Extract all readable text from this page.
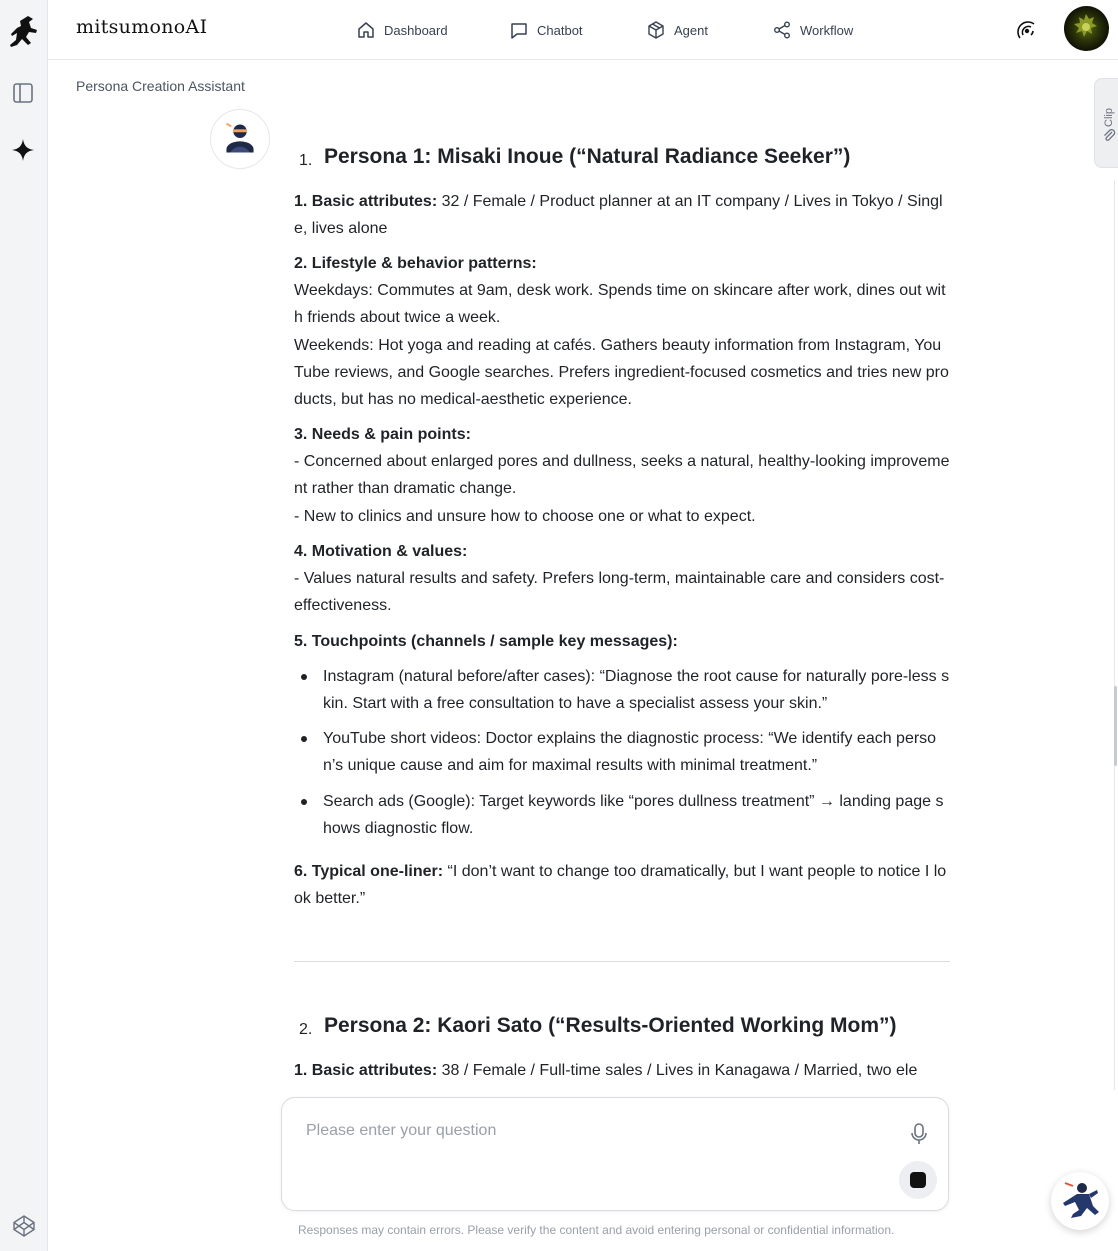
mitsumonoAI	Dashboard	Chatbot	Agent	Workflow
Persona Creation Assistant
Clip
1. Persona 1: Misaki Inoue (“Natural Radiance Seeker”)
1. Basic attributes: 32 / Female / Product planner at an IT company / Lives in Tokyo / Single, lives alone
2. Lifestyle & behavior patterns:
Weekdays: Commutes at 9am, desk work. Spends time on skincare after work, dines out with friends about twice a week.
Weekends: Hot yoga and reading at cafés. Gathers beauty information from Instagram, YouTube reviews, and Google searches. Prefers ingredient-focused cosmetics and tries new products, but has no medical-aesthetic experience.
3. Needs & pain points:
- Concerned about enlarged pores and dullness, seeks a natural, healthy-looking improvement rather than dramatic change.
- New to clinics and unsure how to choose one or what to expect.
4. Motivation & values:
- Values natural results and safety. Prefers long-term, maintainable care and considers cost-effectiveness.
5. Touchpoints (channels / sample key messages):
Instagram (natural before/after cases): “Diagnose the root cause for naturally pore-less skin. Start with a free consultation to have a specialist assess your skin.”
YouTube short videos: Doctor explains the diagnostic process: “We identify each person’s unique cause and aim for maximal results with minimal treatment.”
Search ads (Google): Target keywords like “pores dullness treatment” → landing page shows diagnostic flow.
6. Typical one-liner: “I don’t want to change too dramatically, but I want people to notice I look better.”
2. Persona 2: Kaori Sato (“Results-Oriented Working Mom”)
1. Basic attributes: 38 / Female / Full-time sales / Lives in Kanagawa / Married, two ele
Please enter your question
Responses may contain errors. Please verify the content and avoid entering personal or confidential information.
